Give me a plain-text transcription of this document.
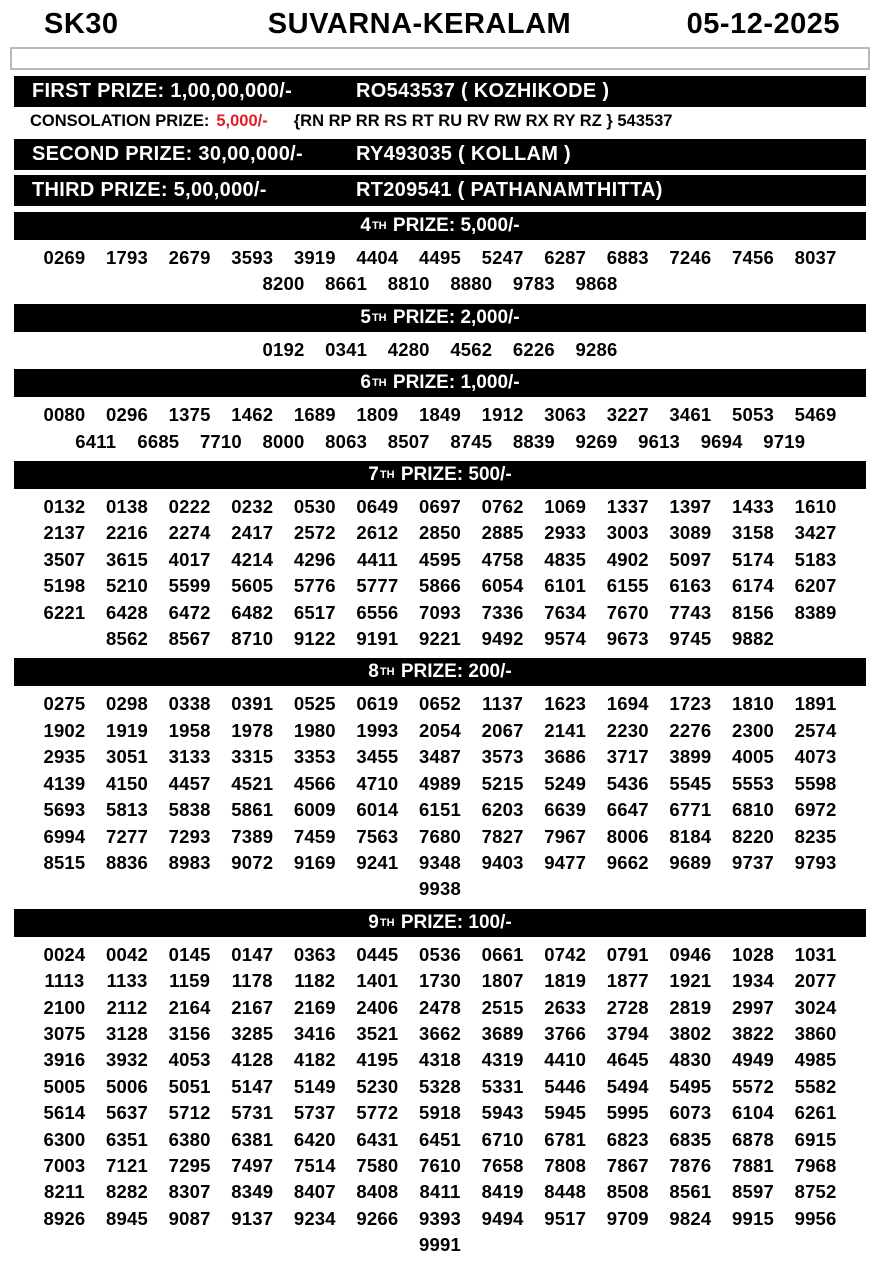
SK30	SUVARNA-KERALAM	05-12-2025
FIRST PRIZE: 1,00,00,000/-	RO543537 ( KOZHIKODE )
CONSOLATION PRIZE: 5,000/- {RN RP RR RS RT RU RV RW RX RY RZ } 543537
SECOND PRIZE: 30,00,000/-	RY493035 ( KOLLAM )
THIRD PRIZE: 5,00,000/-	RT209541 ( PATHANAMTHITTA)
4 TH PRIZE: 5,000/-
0269	1793	2679	3593	3919	4404	4495	5247	6287	6883	7246	7456	8037
8200	8661	8810	8880	9783	9868
5 TH PRIZE: 2,000/-
0192	0341	4280	4562	6226	9286
6 TH PRIZE: 1,000/-
0080	0296	1375	1462	1689	1809	1849	1912	3063	3227	3461	5053	5469
6411	6685	7710	8000	8063	8507	8745	8839	9269	9613	9694	9719
7 TH PRIZE: 500/-
0132	0138	0222	0232	0530	0649	0697	0762	1069	1337	1397	1433	1610
2137	2216	2274	2417	2572	2612	2850	2885	2933	3003	3089	3158	3427
3507	3615	4017	4214	4296	4411	4595	4758	4835	4902	5097	5174	5183
5198	5210	5599	5605	5776	5777	5866	6054	6101	6155	6163	6174	6207
6221	6428	6472	6482	6517	6556	7093	7336	7634	7670	7743	8156	8389
8562	8567	8710	9122	9191	9221	9492	9574	9673	9745	9882
8 TH PRIZE: 200/-
0275	0298	0338	0391	0525	0619	0652	1137	1623	1694	1723	1810	1891
1902	1919	1958	1978	1980	1993	2054	2067	2141	2230	2276	2300	2574
2935	3051	3133	3315	3353	3455	3487	3573	3686	3717	3899	4005	4073
4139	4150	4457	4521	4566	4710	4989	5215	5249	5436	5545	5553	5598
5693	5813	5838	5861	6009	6014	6151	6203	6639	6647	6771	6810	6972
6994	7277	7293	7389	7459	7563	7680	7827	7967	8006	8184	8220	8235
8515	8836	8983	9072	9169	9241	9348	9403	9477	9662	9689	9737	9793
9938
9 TH PRIZE: 100/-
0024	0042	0145	0147	0363	0445	0536	0661	0742	0791	0946	1028	1031
1113	1133	1159	1178	1182	1401	1730	1807	1819	1877	1921	1934	2077
2100	2112	2164	2167	2169	2406	2478	2515	2633	2728	2819	2997	3024
3075	3128	3156	3285	3416	3521	3662	3689	3766	3794	3802	3822	3860
3916	3932	4053	4128	4182	4195	4318	4319	4410	4645	4830	4949	4985
5005	5006	5051	5147	5149	5230	5328	5331	5446	5494	5495	5572	5582
5614	5637	5712	5731	5737	5772	5918	5943	5945	5995	6073	6104	6261
6300	6351	6380	6381	6420	6431	6451	6710	6781	6823	6835	6878	6915
7003	7121	7295	7497	7514	7580	7610	7658	7808	7867	7876	7881	7968
8211	8282	8307	8349	8407	8408	8411	8419	8448	8508	8561	8597	8752
8926	8945	9087	9137	9234	9266	9393	9494	9517	9709	9824	9915	9956
9991
